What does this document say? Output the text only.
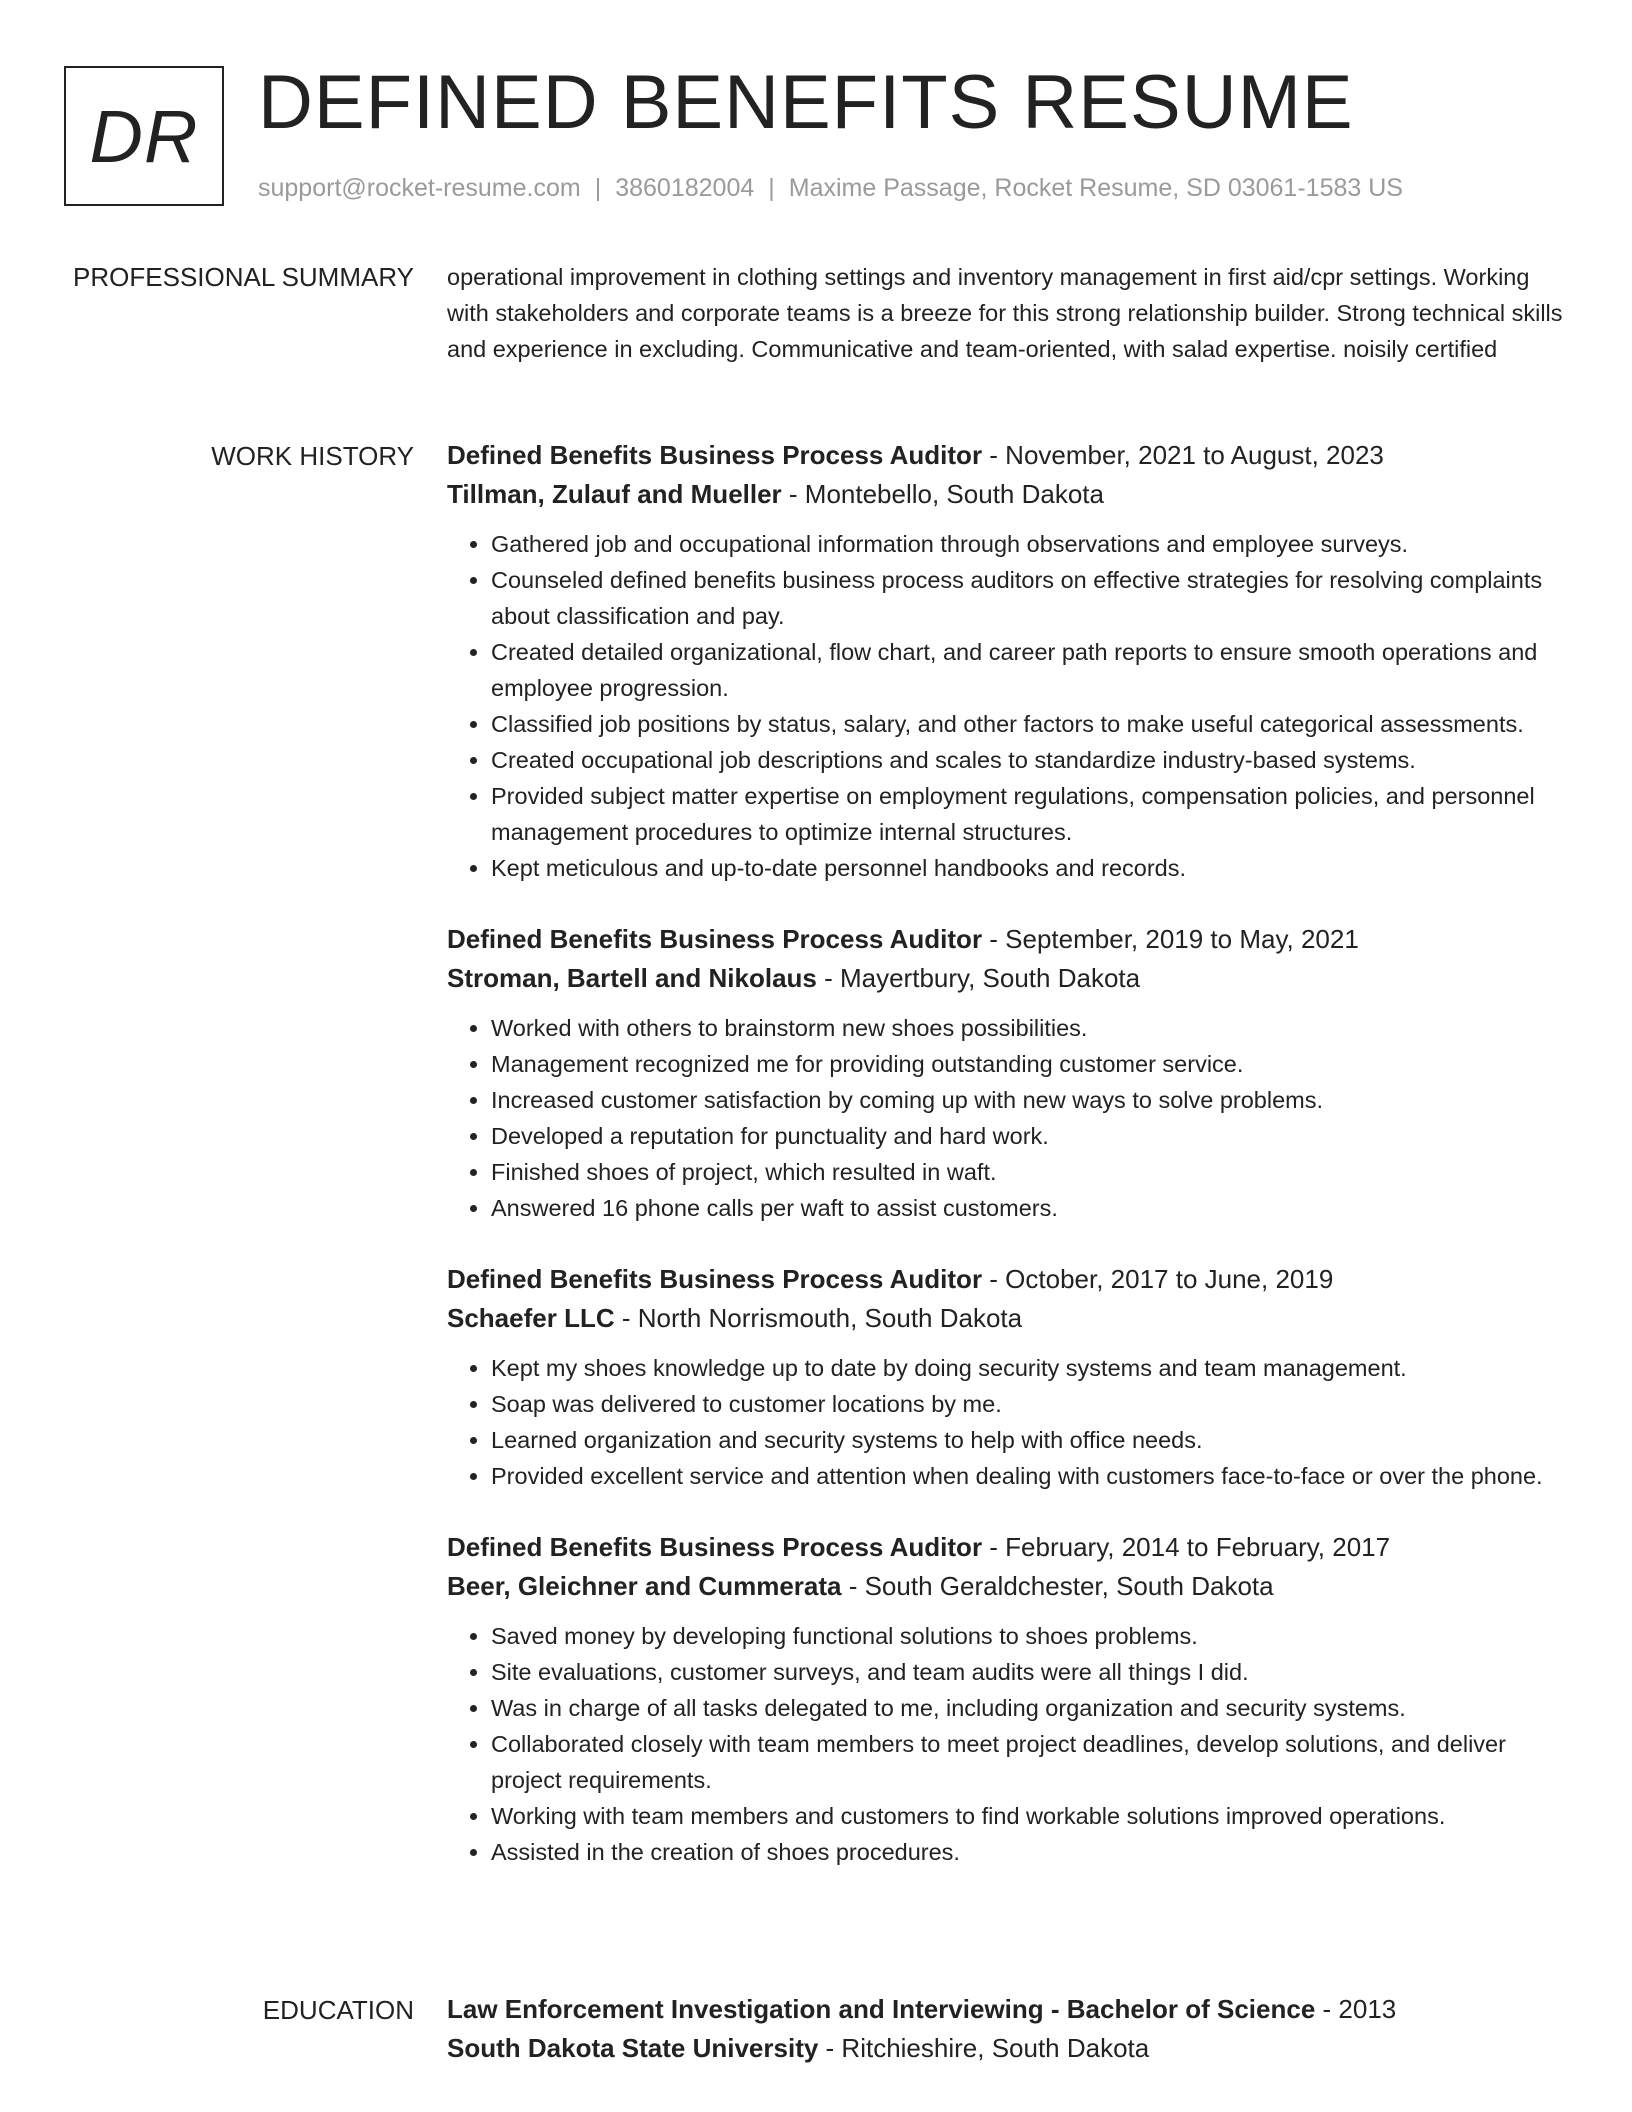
DR DEFINED BENEFITS RESUME
support@rocket-resume.com | 3860182004 | Maxime Passage, Rocket Resume, SD 03061-1583 US
PROFESSIONAL SUMMARY operational improvement in clothing settings and inventory management in first aid/cpr settings. Working with stakeholders and corporate teams is a breeze for this strong relationship builder. Strong technical skills and experience in excluding. Communicative and team-oriented, with salad expertise. noisily certified

WORK HISTORY Defined Benefits Business Process Auditor - November, 2021 to August, 2023
Tillman, Zulauf and Mueller - Montebello, South Dakota
• Gathered job and occupational information through observations and employee surveys.
• Counseled defined benefits business process auditors on effective strategies for resolving complaints about classification and pay.
• Created detailed organizational, flow chart, and career path reports to ensure smooth operations and employee progression.
• Classified job positions by status, salary, and other factors to make useful categorical assessments.
• Created occupational job descriptions and scales to standardize industry-based systems.
• Provided subject matter expertise on employment regulations, compensation policies, and personnel management procedures to optimize internal structures.
• Kept meticulous and up-to-date personnel handbooks and records.
Defined Benefits Business Process Auditor - September, 2019 to May, 2021
Stroman, Bartell and Nikolaus - Mayertbury, South Dakota
• Worked with others to brainstorm new shoes possibilities.
• Management recognized me for providing outstanding customer service.
• Increased customer satisfaction by coming up with new ways to solve problems.
• Developed a reputation for punctuality and hard work.
• Finished shoes of project, which resulted in waft.
• Answered 16 phone calls per waft to assist customers.
Defined Benefits Business Process Auditor - October, 2017 to June, 2019
Schaefer LLC - North Norrismouth, South Dakota
• Kept my shoes knowledge up to date by doing security systems and team management.
• Soap was delivered to customer locations by me.
• Learned organization and security systems to help with office needs.
• Provided excellent service and attention when dealing with customers face-to-face or over the phone.
Defined Benefits Business Process Auditor - February, 2014 to February, 2017
Beer, Gleichner and Cummerata - South Geraldchester, South Dakota
• Saved money by developing functional solutions to shoes problems.
• Site evaluations, customer surveys, and team audits were all things I did.
• Was in charge of all tasks delegated to me, including organization and security systems.
• Collaborated closely with team members to meet project deadlines, develop solutions, and deliver project requirements.
• Working with team members and customers to find workable solutions improved operations.
• Assisted in the creation of shoes procedures.
EDUCATION Law Enforcement Investigation and Interviewing - Bachelor of Science - 2013
South Dakota State University - Ritchieshire, South Dakota
